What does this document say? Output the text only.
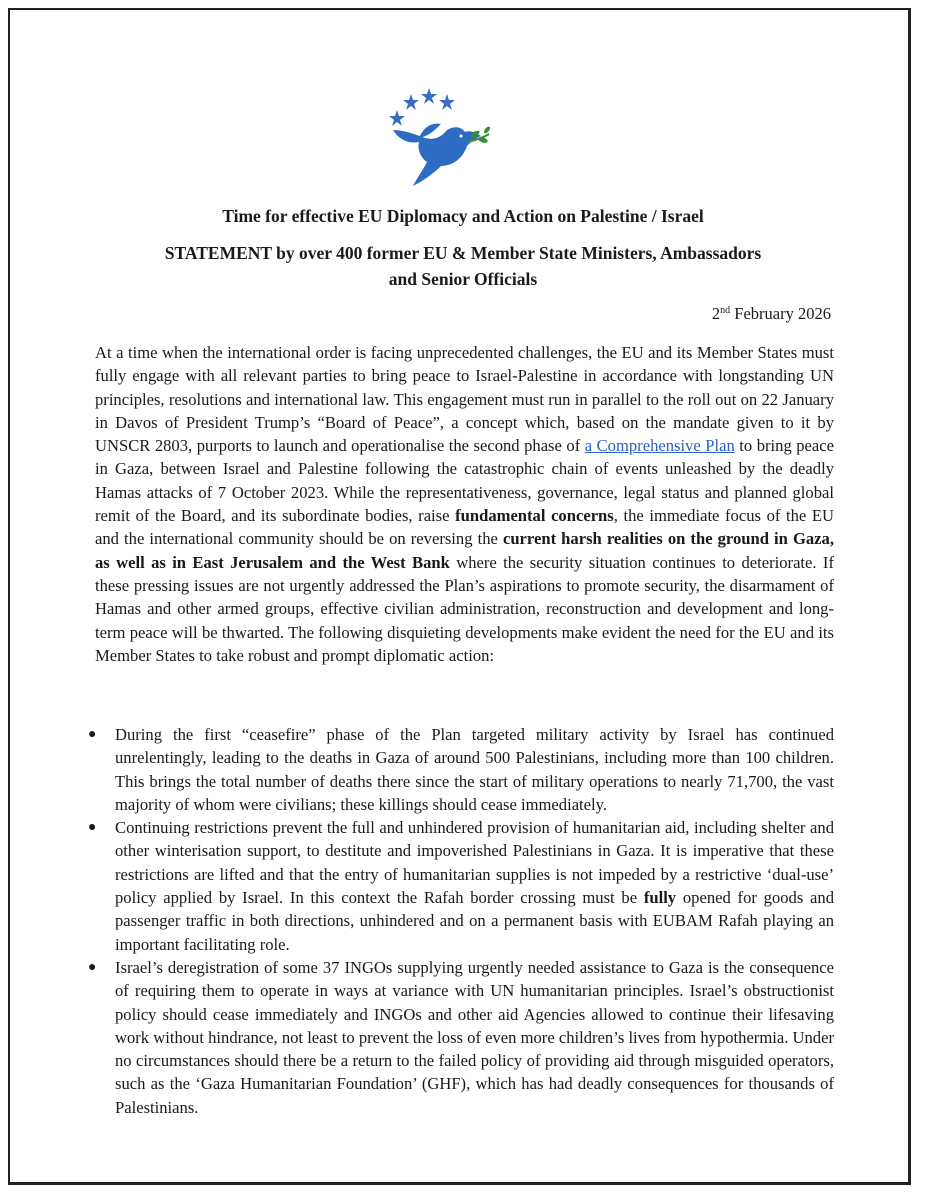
Time for effective EU Diplomacy and Action on Palestine / Israel
STATEMENT by over 400 former EU & Member State Ministers, Ambassadors
and Senior Officials
2nd February 2026
At a time when the international order is facing unprecedented challenges, the EU and its Member States must fully engage with all relevant parties to bring peace to Israel-Palestine in accordance with longstanding UN principles, resolutions and international law. This engagement must run in parallel to the roll out on 22 January in Davos of President Trump’s “Board of Peace”, a concept which, based on the mandate given to it by UNSCR 2803, purports to launch and operationalise the second phase of a Comprehensive Plan to bring peace in Gaza, between Israel and Palestine following the catastrophic chain of events unleashed by the deadly Hamas attacks of 7 October 2023. While the representativeness, governance, legal status and planned global remit of the Board, and its subordinate bodies, raise fundamental concerns, the immediate focus of the EU and the international community should be on reversing the current harsh realities on the ground in Gaza, as well as in East Jerusalem and the West Bank where the security situation continues to deteriorate. If these pressing issues are not urgently addressed the Plan’s aspirations to promote security, the disarmament of Hamas and other armed groups, effective civilian administration, reconstruction and development and long-term peace will be thwarted. The following disquieting developments make evident the need for the EU and its Member States to take robust and prompt diplomatic action:
● During the first “ceasefire” phase of the Plan targeted military activity by Israel has continued unrelentingly, leading to the deaths in Gaza of around 500 Palestinians, including more than 100 children. This brings the total number of deaths there since the start of military operations to nearly 71,700, the vast majority of whom were civilians; these killings should cease immediately.
● Continuing restrictions prevent the full and unhindered provision of humanitarian aid, including shelter and other winterisation support, to destitute and impoverished Palestinians in Gaza. It is imperative that these restrictions are lifted and that the entry of humanitarian supplies is not impeded by a restrictive ‘dual-use’ policy applied by Israel. In this context the Rafah border crossing must be fully opened for goods and passenger traffic in both directions, unhindered and on a permanent basis with EUBAM Rafah playing an important facilitating role.
● Israel’s deregistration of some 37 INGOs supplying urgently needed assistance to Gaza is the consequence of requiring them to operate in ways at variance with UN humanitarian principles. Israel’s obstructionist policy should cease immediately and INGOs and other aid Agencies allowed to continue their lifesaving work without hindrance, not least to prevent the loss of even more children’s lives from hypothermia. Under no circumstances should there be a return to the failed policy of providing aid through misguided operators, such as the ‘Gaza Humanitarian Foundation’ (GHF), which has had deadly consequences for thousands of Palestinians.
